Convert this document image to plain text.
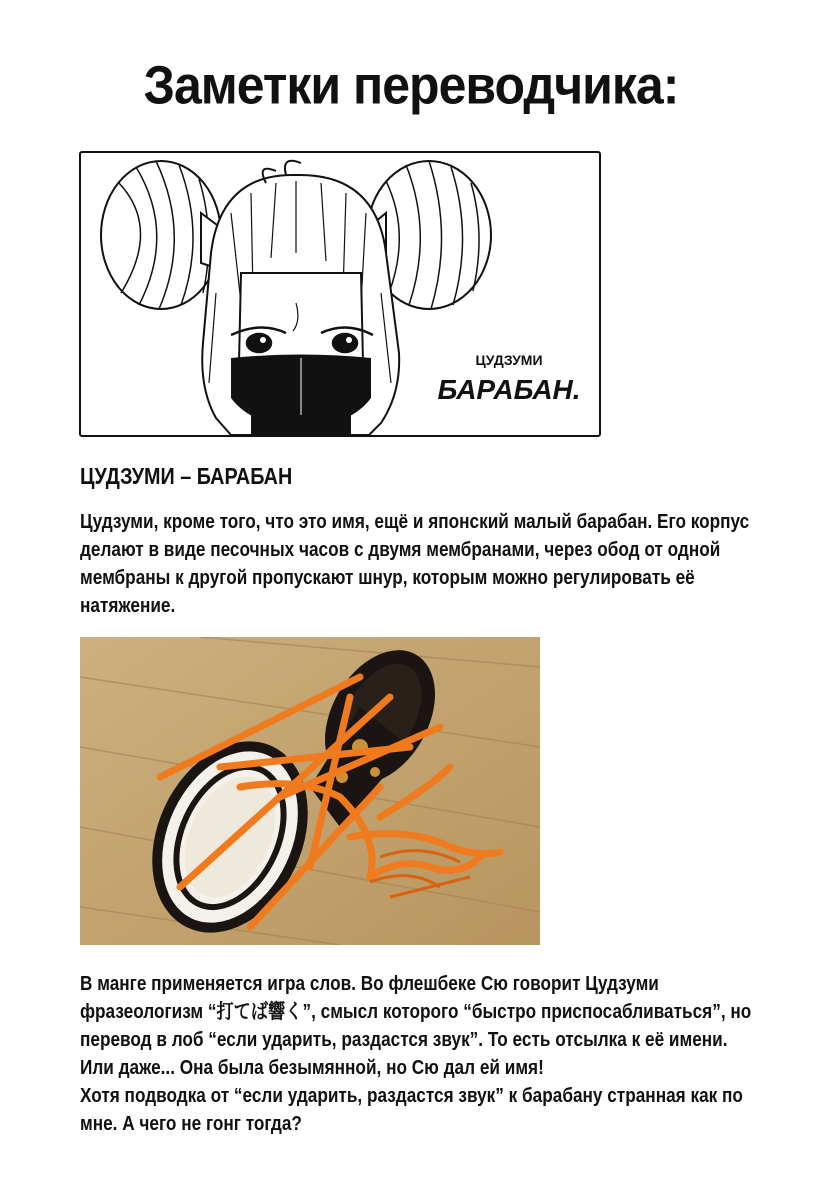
Заметки переводчика:
ЦУДЗУМИ
БАРАБАН.
ЦУДЗУМИ – БАРАБАН

Цудзуми, кроме того, что это имя, ещё и японский малый барабан. Его корпус
делают в виде песочных часов с двумя мембранами, через обод от одной
мембраны к другой пропускают шнур, которым можно регулировать её
натяжение.

В манге применяется игра слов. Во флешбеке Сю говорит Цудзуми
фразеологизм “打てば響く”, смысл которого “быстро приспосабливаться”, но
перевод в лоб “если ударить, раздастся звук”. То есть отсылка к её имени.
Или даже... Она была безымянной, но Сю дал ей имя!
Хотя подводка от “если ударить, раздастся звук” к барабану странная как по
мне. А чего не гонг тогда?
